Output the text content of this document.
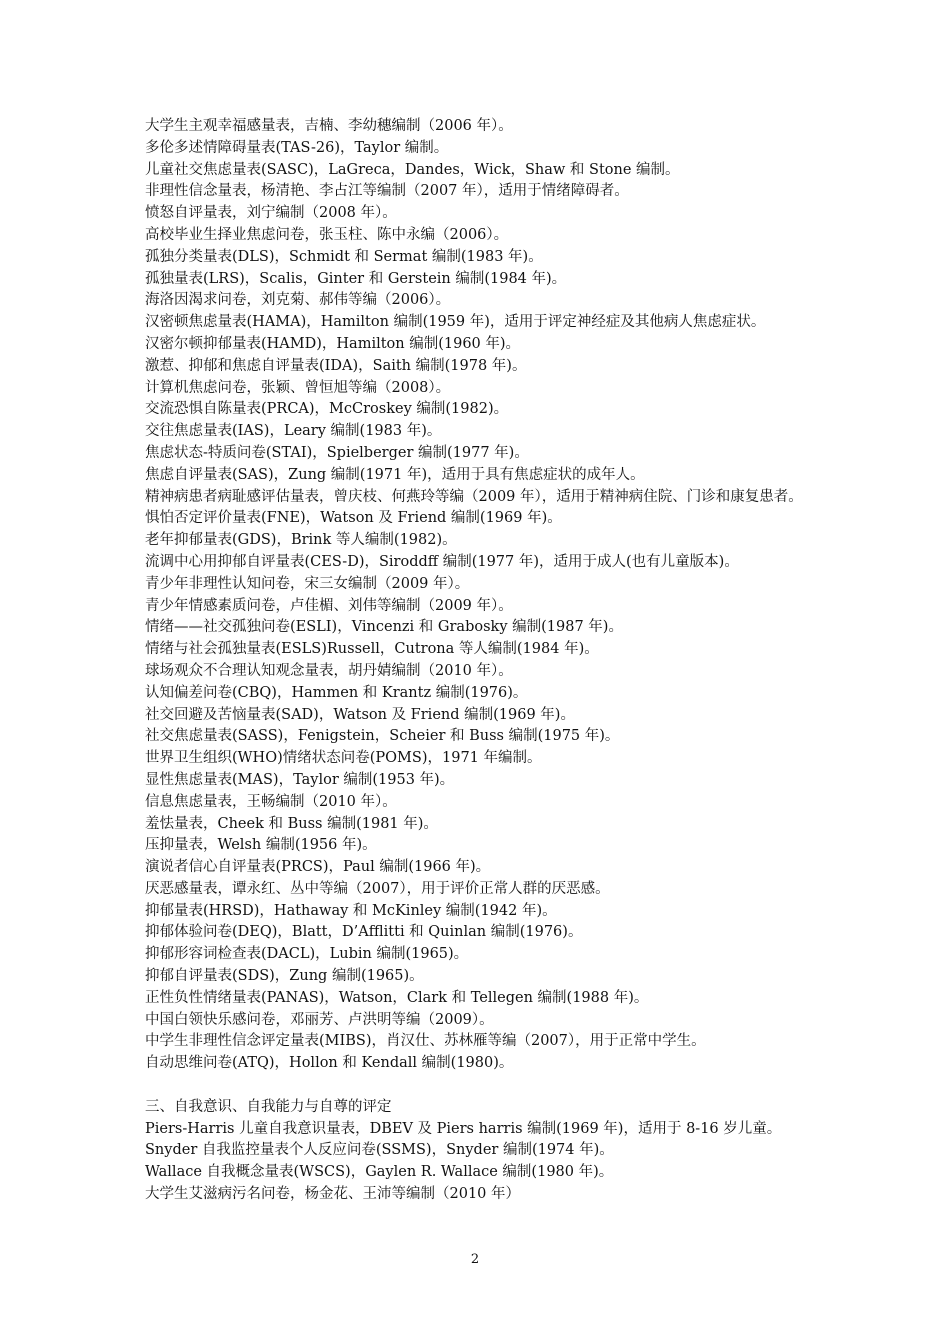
大学生主观幸福感量表，吉楠、李幼穗编制（2006 年）。
多伦多述情障碍量表(TAS-26)，Taylor 编制。
儿童社交焦虑量表(SASC)，LaGreca，Dandes，Wick，Shaw 和 Stone 编制。
非理性信念量表，杨清艳、李占江等编制（2007 年），适用于情绪障碍者。
愤怒自评量表，刘宁编制（2008 年）。
高校毕业生择业焦虑问卷，张玉柱、陈中永编（2006）。
孤独分类量表(DLS)，Schmidt 和 Sermat 编制(1983 年)。
孤独量表(LRS)，Scalis，Ginter 和 Gerstein 编制(1984 年)。
海洛因渴求问卷，刘克菊、郝伟等编（2006）。
汉密顿焦虑量表(HAMA)，Hamilton 编制(1959 年)，适用于评定神经症及其他病人焦虑症状。
汉密尔顿抑郁量表(HAMD)，Hamilton 编制(1960 年)。
激惹、抑郁和焦虑自评量表(IDA)，Saith 编制(1978 年)。
计算机焦虑问卷，张颖、曾恒旭等编（2008）。
交流恐惧自陈量表(PRCA)，McCroskey 编制(1982)。
交往焦虑量表(IAS)，Leary 编制(1983 年)。
焦虑状态-特质问卷(STAI)，Spielberger 编制(1977 年)。
焦虑自评量表(SAS)，Zung 编制(1971 年)，适用于具有焦虑症状的成年人。
精神病患者病耻感评估量表，曾庆枝、何燕玲等编（2009 年），适用于精神病住院、门诊和康复患者。
惧怕否定评价量表(FNE)，Watson 及 Friend 编制(1969 年)。
老年抑郁量表(GDS)，Brink 等人编制(1982)。
流调中心用抑郁自评量表(CES-D)，Siroddff 编制(1977 年)，适用于成人(也有儿童版本)。
青少年非理性认知问卷，宋三女编制（2009 年）。
青少年情感素质问卷，卢佳楣、刘伟等编制（2009 年）。
情绪——社交孤独问卷(ESLI)，Vincenzi 和 Grabosky 编制(1987 年)。
情绪与社会孤独量表(ESLS)Russell，Cutrona 等人编制(1984 年)。
球场观众不合理认知观念量表，胡丹婧编制（2010 年）。
认知偏差问卷(CBQ)，Hammen 和 Krantz 编制(1976)。
社交回避及苦恼量表(SAD)，Watson 及 Friend 编制(1969 年)。
社交焦虑量表(SASS)，Fenigstein，Scheier 和 Buss 编制(1975 年)。
世界卫生组织(WHO)情绪状态问卷(POMS)，1971 年编制。
显性焦虑量表(MAS)，Taylor 编制(1953 年)。
信息焦虑量表，王畅编制（2010 年）。
羞怯量表，Cheek 和 Buss 编制(1981 年)。
压抑量表，Welsh 编制(1956 年)。
演说者信心自评量表(PRCS)，Paul 编制(1966 年)。
厌恶感量表，谭永红、丛中等编（2007），用于评价正常人群的厌恶感。
抑郁量表(HRSD)，Hathaway 和 McKinley 编制(1942 年)。
抑郁体验问卷(DEQ)，Blatt，D’Afflitti 和 Quinlan 编制(1976)。
抑郁形容词检查表(DACL)，Lubin 编制(1965)。
抑郁自评量表(SDS)，Zung 编制(1965)。
正性负性情绪量表(PANAS)，Watson，Clark 和 Tellegen 编制(1988 年)。
中国白领快乐感问卷，邓丽芳、卢洪明等编（2009）。
中学生非理性信念评定量表(MIBS)，肖汉仕、苏林雁等编（2007），用于正常中学生。
自动思维问卷(ATQ)，Hollon 和 Kendall 编制(1980)。
三、自我意识、自我能力与自尊的评定
Piers-Harris 儿童自我意识量表，DBEV 及 Piers harris 编制(1969 年)，适用于 8-16 岁儿童。
Snyder 自我监控量表个人反应问卷(SSMS)，Snyder 编制(1974 年)。
Wallace 自我概念量表(WSCS)，Gaylen R. Wallace 编制(1980 年)。
大学生艾滋病污名问卷，杨金花、王沛等编制（2010 年）
2
